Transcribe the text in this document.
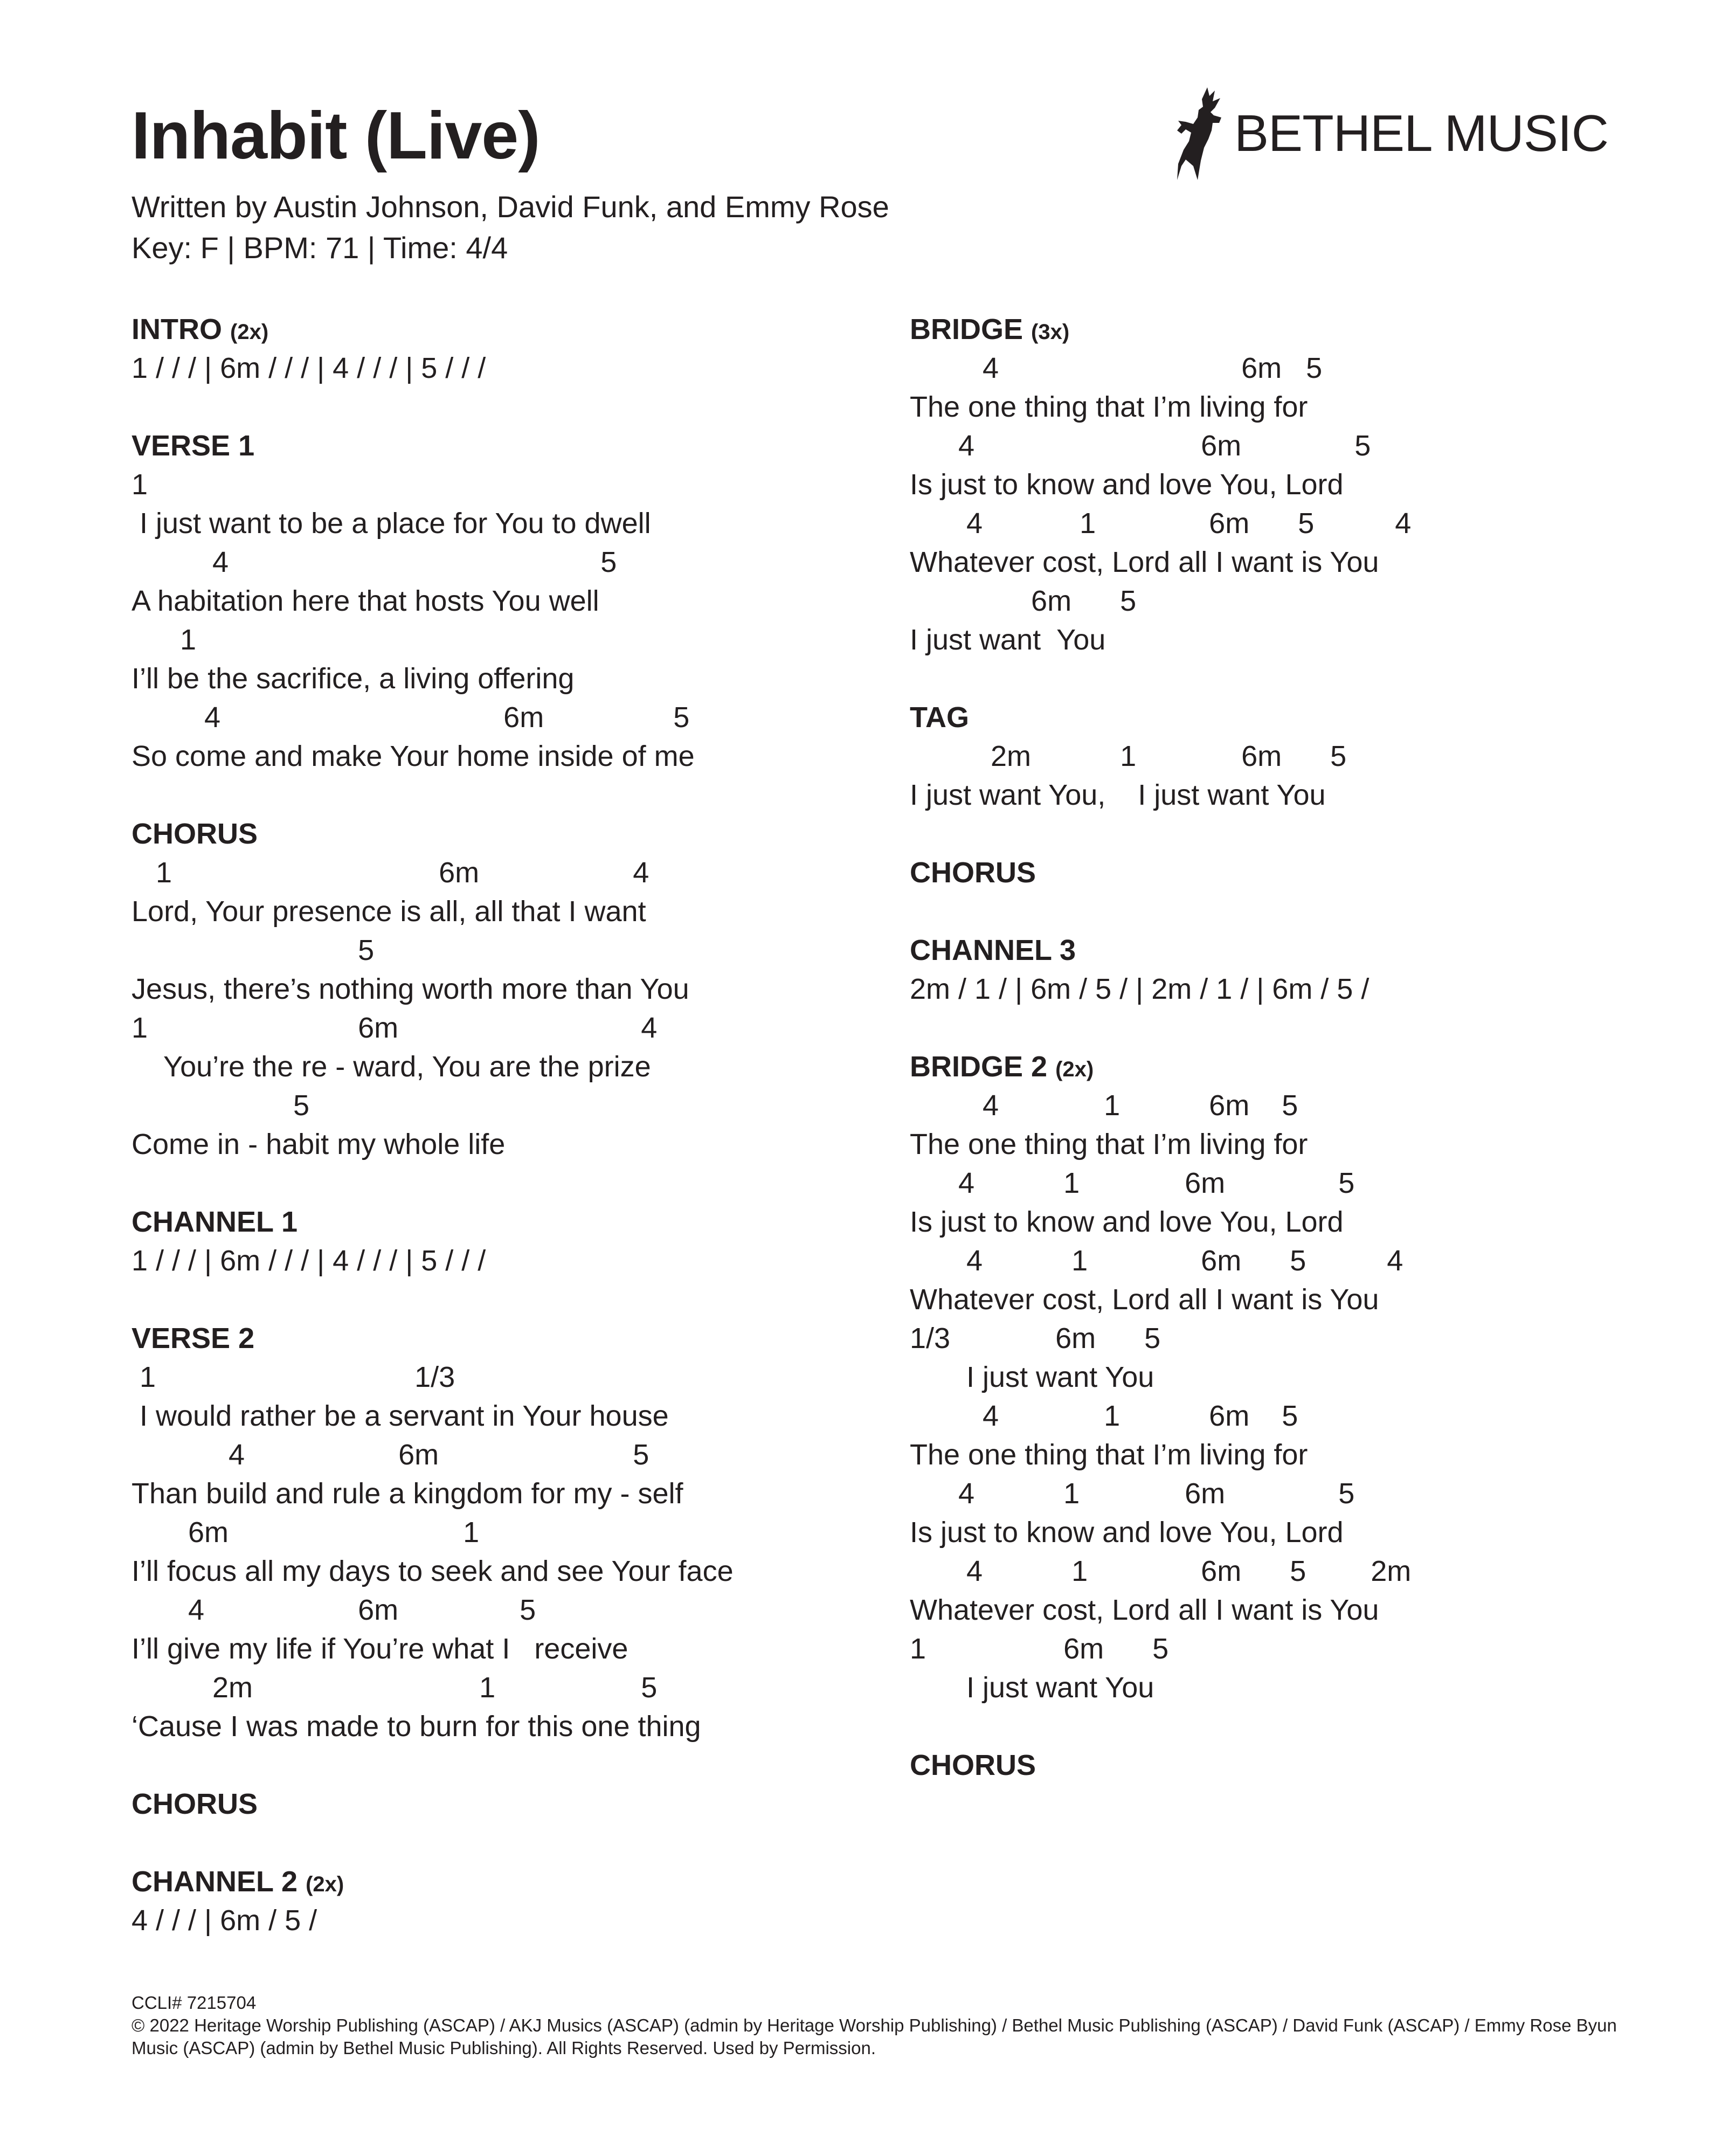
Inhabit (Live)
Written by Austin Johnson, David Funk, and Emmy Rose
Key: F | BPM: 71 | Time: 4/4
BETHEL MUSIC
INTRO (2x)
1 / / / | 6m / / / | 4 / / / | 5 / / /
VERSE 1
1
I just want to be a place for You to dwell
4                                              5
A habitation here that hosts You well
1
I’ll be the sacrifice, a living offering
4                                   6m                5
So come and make Your home inside of me
CHORUS
1                                 6m                   4
Lord, Your presence is all, all that I want
5
Jesus, there’s nothing worth more than You
1                          6m                              4
You’re the re - ward, You are the prize
5
Come in - habit my whole life
CHANNEL 1
1 / / / | 6m / / / | 4 / / / | 5 / / /
VERSE 2
1                                1/3
I would rather be a servant in Your house
4                   6m                        5
Than build and rule a kingdom for my - self
6m                             1
I’ll focus all my days to seek and see Your face
4                   6m               5
I’ll give my life if You’re what I   receive
2m                            1                  5
‘Cause I was made to burn for this one thing
CHORUS
CHANNEL 2 (2x)
4 / / / | 6m / 5 /
BRIDGE (3x)
4                              6m   5
The one thing that I’m living for
4                            6m              5
Is just to know and love You, Lord
4            1              6m      5          4
Whatever cost, Lord all I want is You
6m      5
I just want  You
TAG
2m           1             6m      5
I just want You,    I just want You
CHORUS
CHANNEL 3
2m / 1 / | 6m / 5 / | 2m / 1 / | 6m / 5 /
BRIDGE 2 (2x)
4             1           6m    5
The one thing that I’m living for
4           1             6m              5
Is just to know and love You, Lord
4           1              6m      5          4
Whatever cost, Lord all I want is You
1/3             6m      5
I just want You
4             1           6m    5
The one thing that I’m living for
4           1             6m              5
Is just to know and love You, Lord
4           1              6m      5        2m
Whatever cost, Lord all I want is You
1                 6m      5
I just want You
CHORUS
CCLI# 7215704
© 2022 Heritage Worship Publishing (ASCAP) / AKJ Musics (ASCAP) (admin by Heritage Worship Publishing) / Bethel Music Publishing (ASCAP) / David Funk (ASCAP) / Emmy Rose Byun Music (ASCAP) (admin by Bethel Music Publishing). All Rights Reserved. Used by Permission.
